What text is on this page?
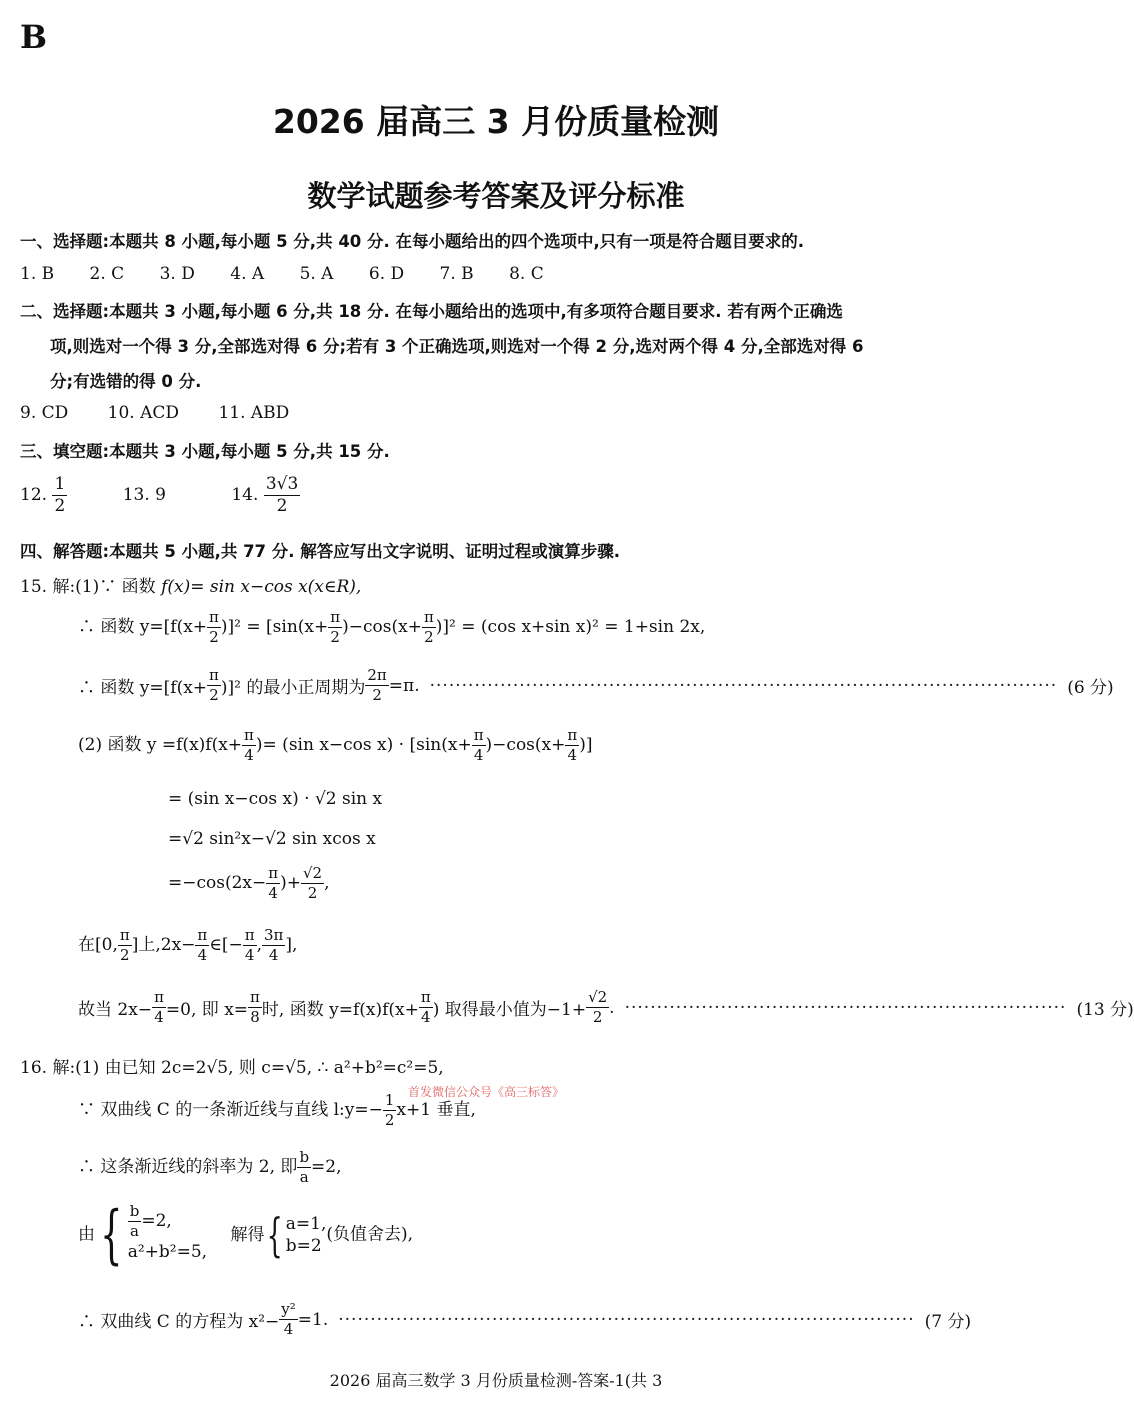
B
2026 届高三 3 月份质量检测
数学试题参考答案及评分标准
一、选择题:本题共 8 小题,每小题 5 分,共 40 分. 在每小题给出的四个选项中,只有一项是符合题目要求的.
1. B 2. C 3. D 4. A 5. A 6. D 7. B 8. C
二、选择题:本题共 3 小题,每小题 6 分,共 18 分. 在每小题给出的选项中,有多项符合题目要求. 若有两个正确选
项,则选对一个得 3 分,全部选对得 6 分;若有 3 个正确选项,则选对一个得 2 分,选对两个得 4 分,全部选对得 6
分;有选错的得 0 分.
9. CD 10. ACD 11. ABD
三、填空题:本题共 3 小题,每小题 5 分,共 15 分.
12. $\frac{1}{2}$	13. 9	14. $\frac{3√3}{2}$
四、解答题:本题共 5 小题,共 77 分. 解答应写出文字说明、证明过程或演算步骤.
15. 解:(1)∵ 函数 f(x)= sin x−cos x(x∈R),
∴ 函数 $y=[f(x+ \frac{\pi}{2} )]^2 = [\sin(x+ \frac{\pi}{2} )-\cos(x+ \frac{\pi}{2} )]^2 = (\cos$ x+sin x)² = 1+sin 2x,
∴ 函数 $y=[f(x+ \frac{\pi}{2} )]^2$ 的最小正周期为 $\frac{2\pi}{2} =\pi$. ·································································································· (6 分)
(2) 函数 $y =f(x)f(x+ \frac{\pi}{4}$ )= (sin x−cos $x) \cdot [\sin(x+ \frac{\pi}{4} )-\cos(x+ \frac{\pi}{4}$ )]
= (sin x−cos x) · √2 sin x
=√2 sin²x−√2 sin xcos x
$=-\cos(2x- \frac{\pi}{4}$ )+ $\frac{√2}{2}$ ,
在[0, $\frac{\pi}{2}$ ]上$,2x- \frac{\pi}{4}$ ∈[− $\frac{\pi}{4}$ , $\frac{3\pi}{4}$ ],
故当 $2x- \frac{\pi}{4} =0$, 即 $x= \frac{\pi}{8}$ 时, 函数 $y=f(x)f(x+ \frac{\pi}{4}$ ) 取得最小值为$-1+ \frac{√2}{2}$ . ····································································· (13 分)
16. 解:(1) 由已知 2c=2√5, 则 c=√5, ∴ a²+b²=c²=5,
首发微信公众号《高三标答》
∵ 双曲线 C 的一条渐近线与直线 l:y=− $\frac{1}{2} x+1$ 垂直,
∴ 这条渐近线的斜率为 2, 即 $\frac{b}{a} =2$,
由{ $\frac{b}{a} =2$,
a²+b²=5,
解得{ a=1,
b=2
(负值舍去),
∴ 双曲线 C 的方程为 $x^2- \frac{\text{y²}}{4} =1$. ·························································································· (7 分)
2026 届高三数学 3 月份质量检测-答案-1(共 3
